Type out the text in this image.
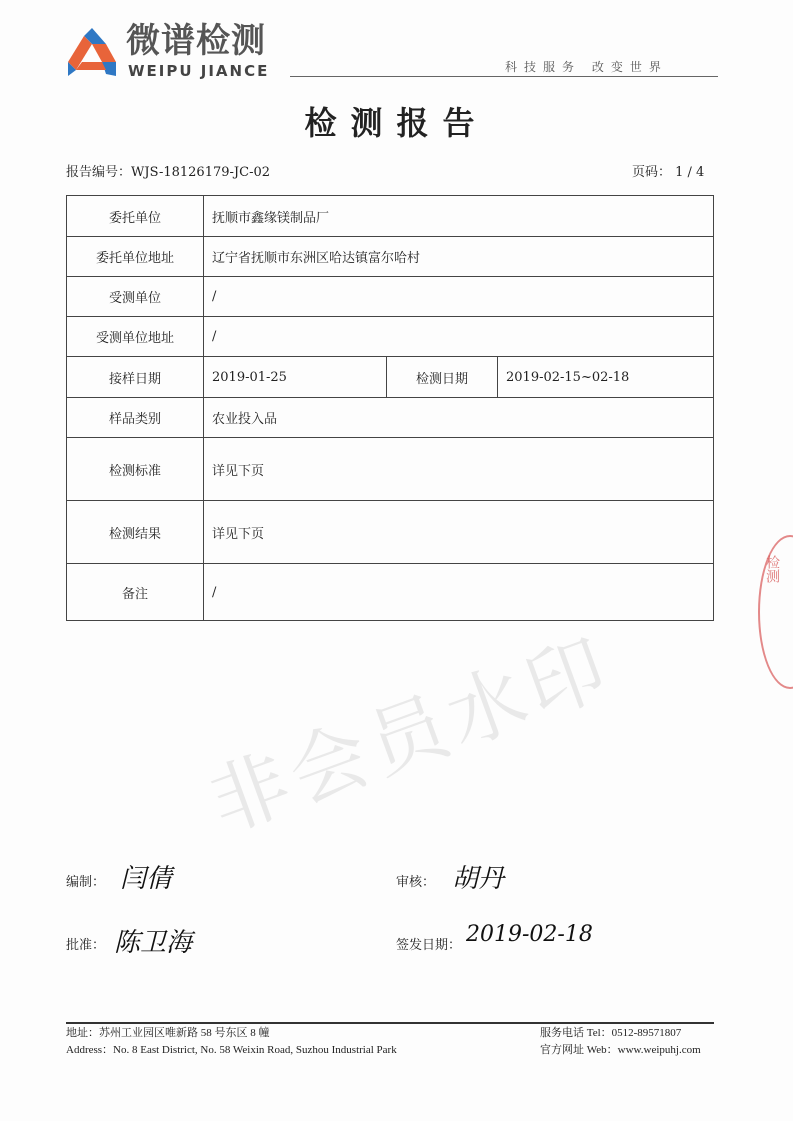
微谱检测
WEIPU JIANCE	科技服务 改变世界
检测报告
报告编号：WJS-18126179-JC-02	页码： 1 / 4
委托单位	抚顺市鑫缘镁制品厂		
委托单位地址	辽宁省抚顺市东洲区哈达镇富尔哈村		
受测单位	/		
受测单位地址	/		
接样日期	2019-01-25	检测日期	2019-02-15~02-18
样品类别	农业投入品		
检测标准	详见下页		
检测结果	详见下页		
备注	/		
非会员水印
检测
编制： 闫倩	审核： 胡丹
批准： 陈卫海	签发日期： 2019-02-18
地址：苏州工业园区唯新路 58 号东区 8 幢
Address：No. 8 East District, No. 58 Weixin Road, Suzhou Industrial Park
服务电话 Tel：0512-89571807
官方网址 Web：www.weipuhj.com
